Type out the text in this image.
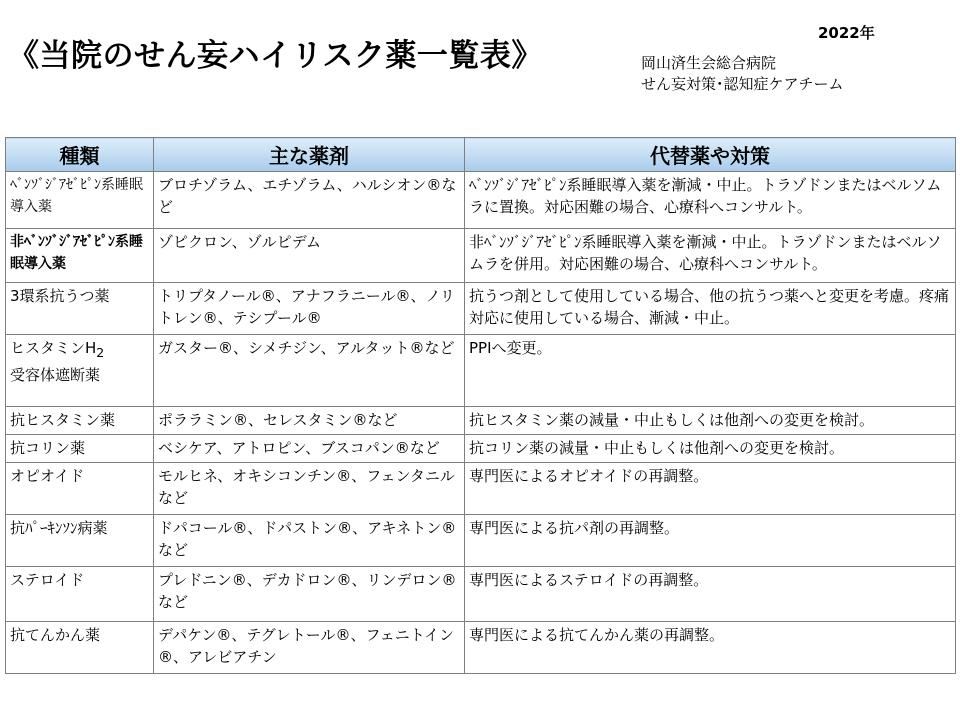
《当院のせん妄ハイリスク薬一覧表》
2022年
岡山済生会総合病院
せん妄対策･認知症ケアチーム
種類	主な薬剤	代替薬や対策
ﾍﾞﾝｿﾞｼﾞｱｾﾞﾋﾟﾝ系睡眠導入薬	ブロチゾラム、エチゾラム、ハルシオン®など	ﾍﾞﾝｿﾞｼﾞｱｾﾞﾋﾟﾝ系睡眠導入薬を漸減・中止。トラゾドンまたはベルソムラに置換。対応困難の場合、心療科へコンサルト。
非ﾍﾞﾝｿﾞｼﾞｱｾﾞﾋﾟﾝ系睡眠導入薬	ゾピクロン、ゾルピデム	非ﾍﾞﾝｿﾞｼﾞｱｾﾞﾋﾟﾝ系睡眠導入薬を漸減・中止。トラゾドンまたはベルソムラを併用。対応困難の場合、心療科へコンサルト。
3環系抗うつ薬	トリプタノール®、アナフラニール®、ノリトレン®、テシプール®	抗うつ剤として使用している場合、他の抗うつ薬へと変更を考慮。疼痛対応に使用している場合、漸減・中止。
ヒスタミン$H_2$
受容体遮断薬	ガスター®、シメチジン、アルタット®など	PPIへ変更。
抗ヒスタミン薬	ポララミン®、セレスタミン®など	抗ヒスタミン薬の減量・中止もしくは他剤への変更を検討。
抗コリン薬	ベシケア、アトロピン、ブスコパン®など	抗コリン薬の減量・中止もしくは他剤への変更を検討。
オピオイド	モルヒネ、オキシコンチン®、フェンタニルなど	専門医によるオピオイドの再調整。
抗ﾊﾟｰｷﾝｿﾝ病薬	ドパコール®、ドパストン®、アキネトン®など	専門医による抗パ剤の再調整。
ステロイド	プレドニン®、デカドロン®、リンデロン®など	専門医によるステロイドの再調整。
抗てんかん薬	デパケン®、テグレトール®、フェニトイン®、アレビアチン	専門医による抗てんかん薬の再調整。
